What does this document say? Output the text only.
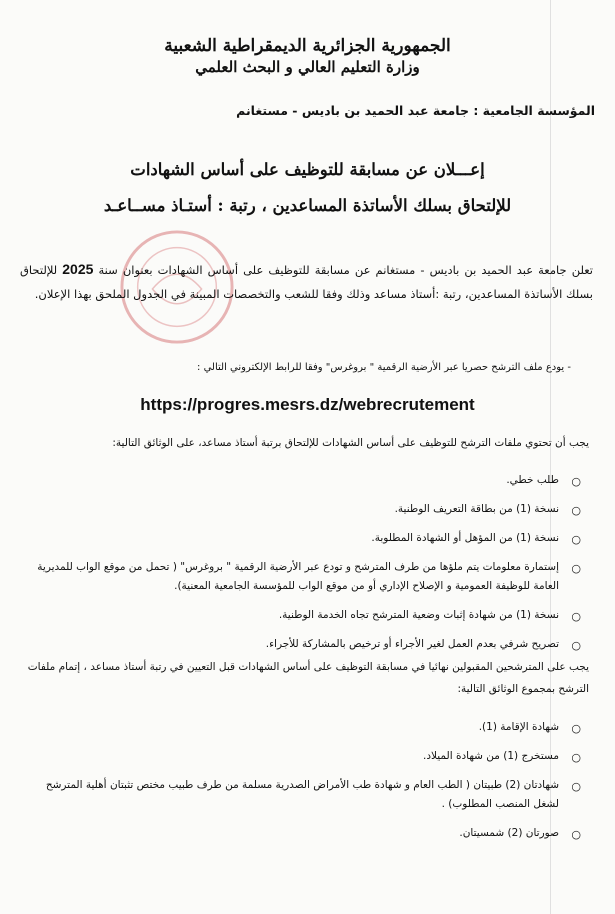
الجمهورية الجزائرية الديمقراطية الشعبية
وزارة التعليم العالي و البحث العلمي
المؤسسة الجامعية : جامعة عبد الحميد بن باديس - مستغانم
إعـــلان عن مسابقة للتوظيف على أساس الشهادات
للإلتحاق بسلك الأساتذة المساعدين ، رتبة : أستـاذ مســاعـد
تعلن جامعة عبد الحميد بن باديس - مستغانم عن مسابقة للتوظيف على أساس الشهادات بعنوان سنة 2025 للإلتحاق بسلك الأساتذة المساعدين، رتبة :أستاذ مساعد وذلك وفقا للشعب والتخصصات المبينة في الجدول الملحق بهذا الإعلان.
- يودع ملف الترشح حصريا عبر الأرضية الرقمية " بروغرس" وفقا للرابط الإلكتروني التالي :
https://progres.mesrs.dz/webrecrutement
يجب أن تحتوي ملفات الترشح للتوظيف على أساس الشهادات للإلتحاق برتبة أستاذ مساعد، على الوثائق التالية:
○
طلب خطي.
○
نسخة (1) من بطاقة التعريف الوطنية.
○
نسخة (1) من المؤهل أو الشهادة المطلوبة.
○
إستمارة معلومات يتم ملؤها من طرف المترشح و تودع عبر الأرضية الرقمية " بروغرس" ( تحمل من موقع الواب للمديرية العامة للوظيفة العمومية و الإصلاح الإداري أو من موقع الواب للمؤسسة الجامعية المعنية).
○
نسخة (1) من شهادة إثبات وضعية المترشح تجاه الخدمة الوطنية.
○
تصريح شرفي بعدم العمل لغير الأجراء أو ترخيص بالمشاركة للأجراء.
يجب على المترشحين المقبولين نهائيا في مسابقة التوظيف على أساس الشهادات قبل التعيين في رتبة أستاذ مساعد ، إتمام ملفات الترشح بمجموع الوثائق التالية:
○
شهادة الإقامة (1).
○
مستخرج (1) من شهادة الميلاد.
○
شهادتان (2) طبيتان ( الطب العام و شهادة طب الأمراض الصدرية مسلمة من طرف طبيب مختص تثبتان أهلية المترشح لشغل المنصب المطلوب) .
○
صورتان (2) شمسيتان.
